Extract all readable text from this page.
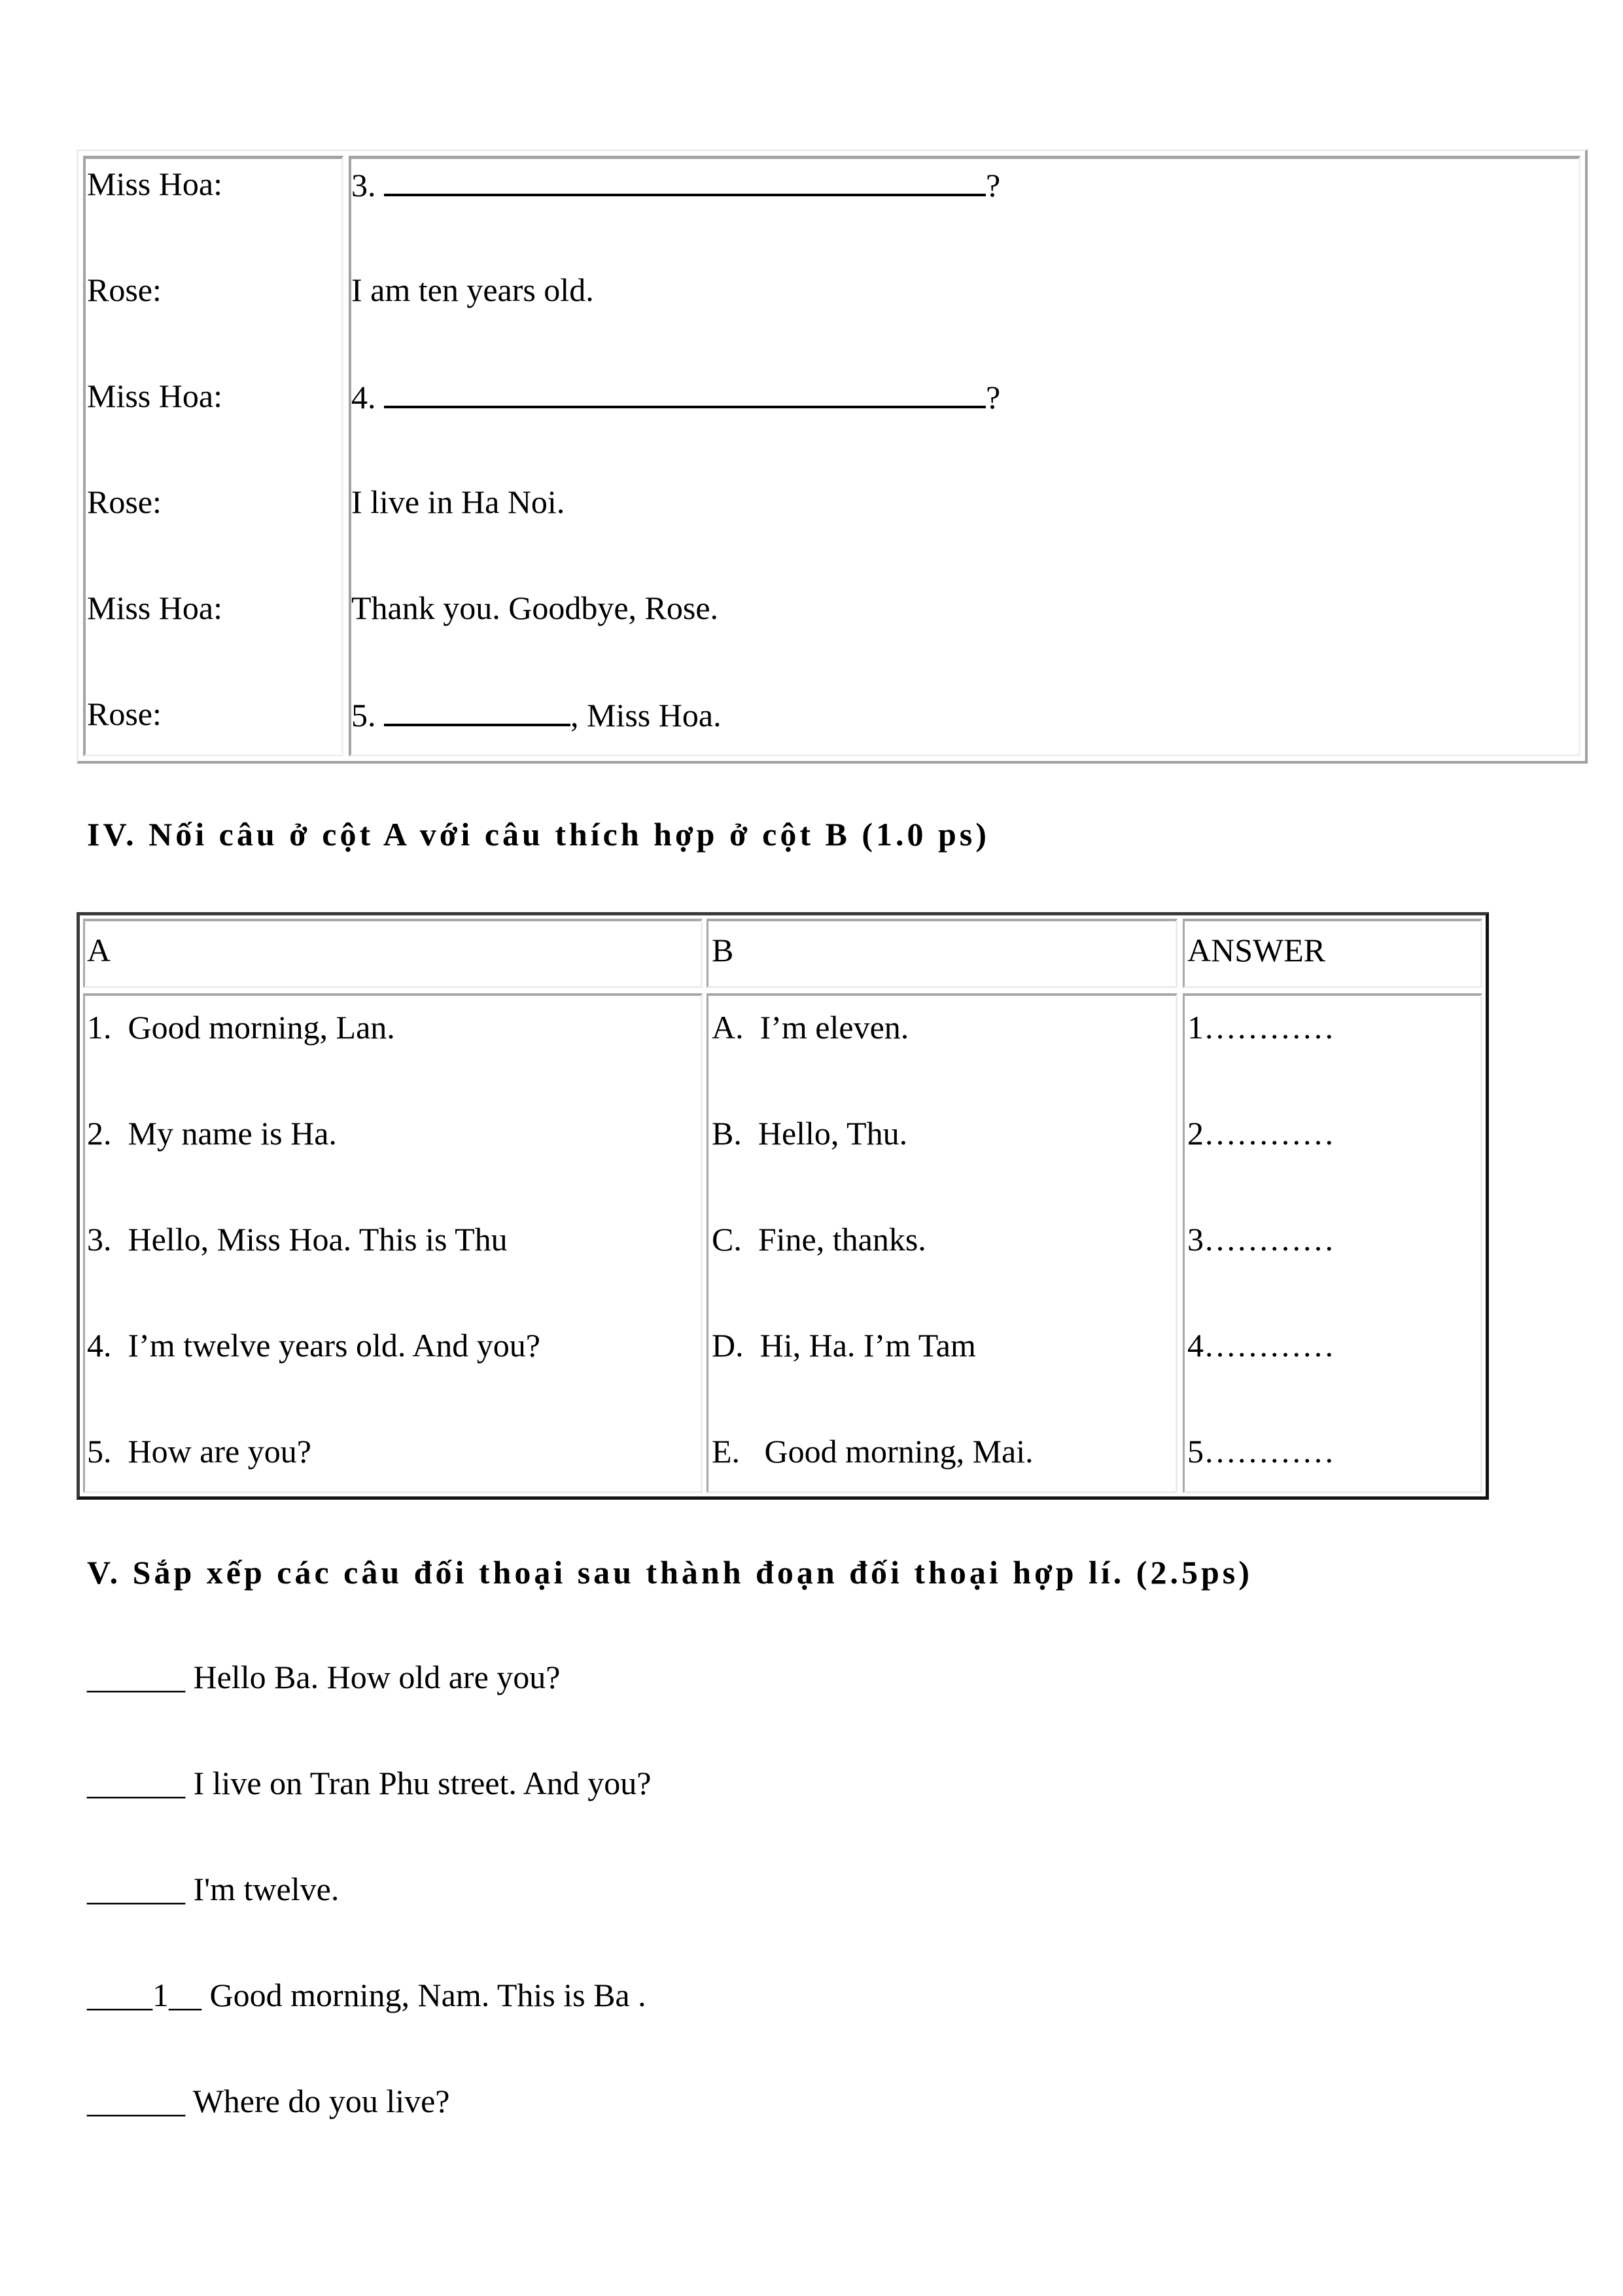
Miss Hoa:	3.	?
Rose:	I am ten years old.
Miss Hoa:	4.	?
Rose:	I live in Ha Noi.
Miss Hoa:	Thank you. Goodbye, Rose.
Rose:	5.	, Miss Hoa.
IV. Nối câu ở cột A với câu thích hợp ở cột B (1.0 ps)
A	B	ANSWER
1.  Good morning, Lan.	A.  I’m eleven.	1…………
2.  My name is Ha.	B.  Hello, Thu.	2…………
3.  Hello, Miss Hoa. This is Thu	C.  Fine, thanks.	3…………
4.  I’m twelve years old. And you?	D.  Hi, Ha. I’m Tam	4…………
5.  How are you?	E.   Good morning, Mai.	5…………
V. Sắp xếp các câu đối thoại sau thành đoạn đối thoại hợp lí. (2.5ps)
______ Hello Ba. How old are you?
______ I live on Tran Phu street. And you?
______ I'm twelve.
____1__ Good morning, Nam. This is Ba .
______ Where do you live?
